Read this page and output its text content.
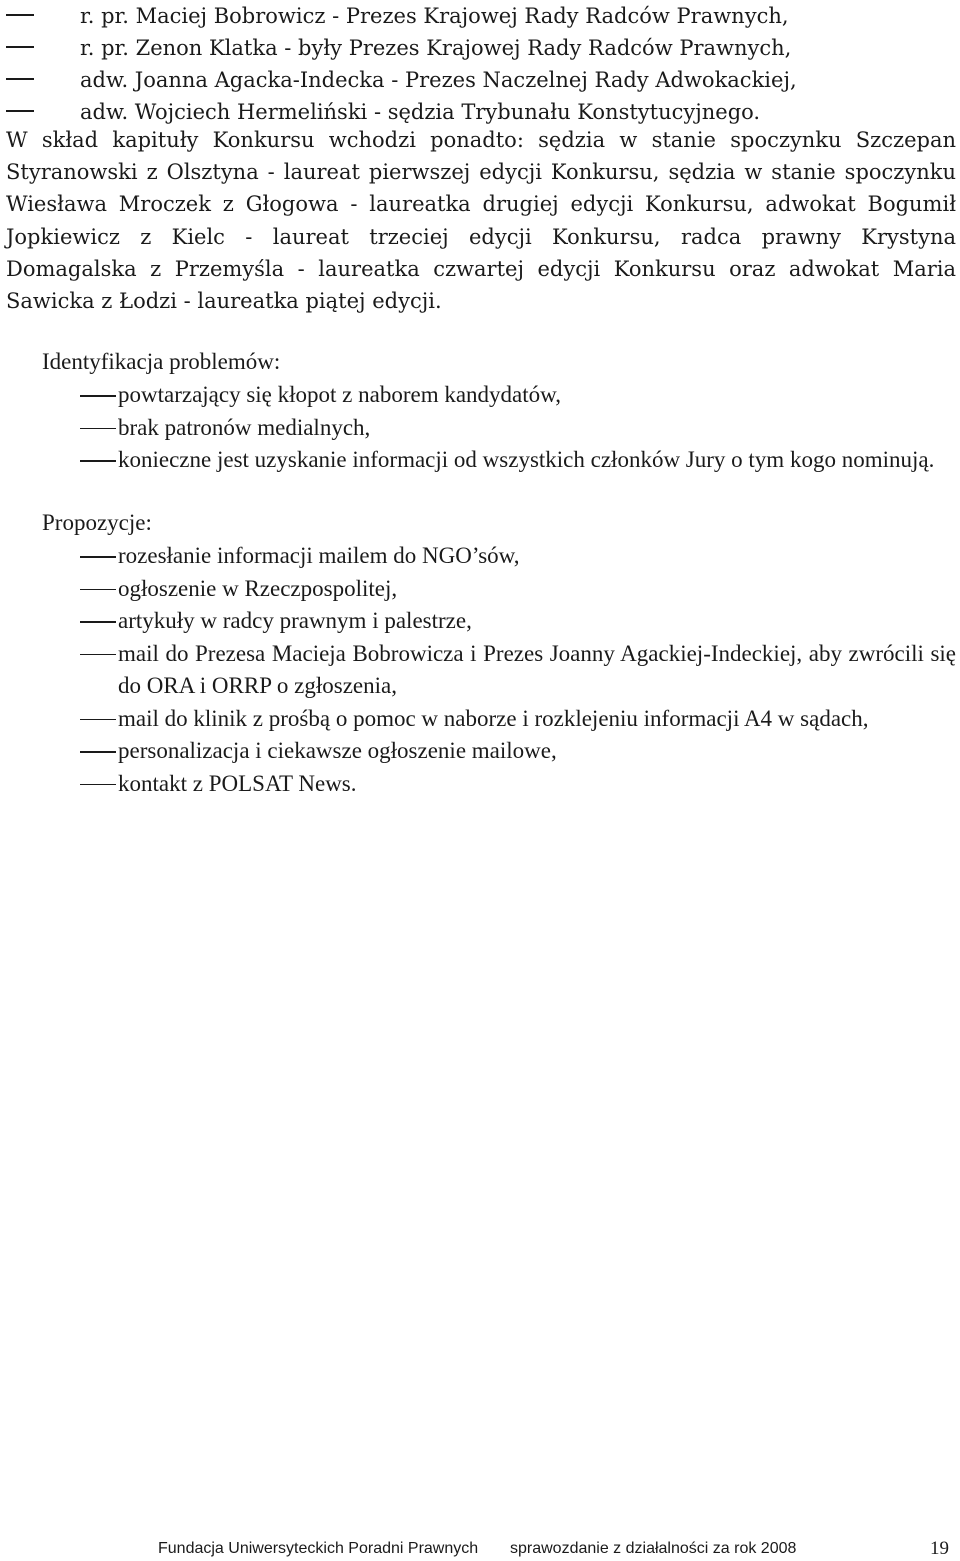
r. pr. Maciej Bobrowicz - Prezes Krajowej Rady Radców Prawnych,
r. pr. Zenon Klatka - były Prezes Krajowej Rady Radców Prawnych,
adw. Joanna Agacka-Indecka - Prezes Naczelnej Rady Adwokackiej,
adw. Wojciech Hermeliński - sędzia Trybunału Konstytucyjnego.

W skład kapituły Konkursu wchodzi ponadto: sędzia w stanie spoczynku Szczepan Styranowski z Olsztyna - laureat pierwszej edycji Konkursu, sędzia w stanie spoczynku Wiesława Mroczek z Głogowa - laureatka drugiej edycji Konkursu, adwokat Bogumił Jopkiewicz z Kielc - laureat trzeciej edycji Konkursu, radca prawny Krystyna Domagalska z Przemyśla - laureatka czwartej edycji Konkursu oraz adwokat Maria Sawicka z Łodzi - laureatka piątej edycji.

Identyfikacja problemów:
powtarzający się kłopot z naborem kandydatów,
brak patronów medialnych,
konieczne jest uzyskanie informacji od wszystkich członków Jury o tym kogo nominują.
Propozycje:
rozesłanie informacji mailem do NGO’sów,
ogłoszenie w Rzeczpospolitej,
artykuły w radcy prawnym i palestrze,
mail do Prezesa Macieja Bobrowicza i Prezes Joanny Agackiej-Indeckiej, aby zwrócili się do ORA i ORRP o zgłoszenia,
mail do klinik z prośbą o pomoc w naborze i rozklejeniu informacji A4 w sądach,
personalizacja i ciekawsze ogłoszenie mailowe,
kontakt z POLSAT News.
Fundacja Uniwersyteckich Poradni Prawnych sprawozdanie z działalności za rok 2008	19
